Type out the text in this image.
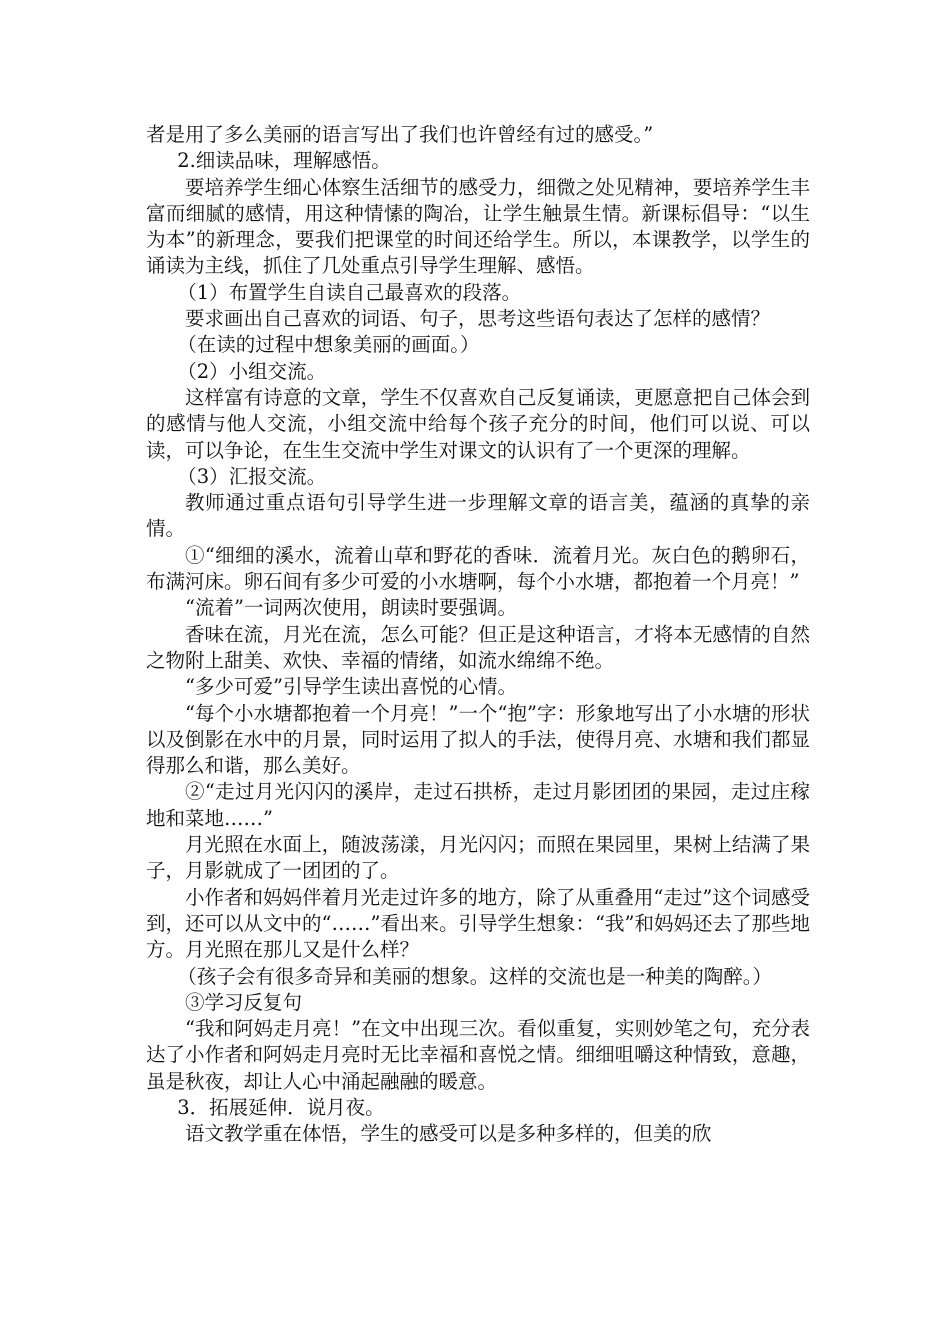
者是用了多么美丽的语言写出了我们也许曾经有过的感受。”

2.细读品味，理解感悟。

要培养学生细心体察生活细节的感受力，细微之处见精神，要培养学生丰富而细腻的感情，用这种情愫的陶冶，让学生触景生情。新课标倡导：“以生为本”的新理念，要我们把课堂的时间还给学生。所以，本课教学，以学生的诵读为主线，抓住了几处重点引导学生理解、感悟。

（1）布置学生自读自己最喜欢的段落。

要求画出自己喜欢的词语、句子，思考这些语句表达了怎样的感情？

（在读的过程中想象美丽的画面。）

（2）小组交流。

这样富有诗意的文章，学生不仅喜欢自己反复诵读，更愿意把自己体会到的感情与他人交流，小组交流中给每个孩子充分的时间，他们可以说、可以读，可以争论，在生生交流中学生对课文的认识有了一个更深的理解。

（3）汇报交流。

教师通过重点语句引导学生进一步理解文章的语言美，蕴涵的真挚的亲情。

①“细细的溪水，流着山草和野花的香味．流着月光。灰白色的鹅卵石，布满河床。卵石间有多少可爱的小水塘啊，每个小水塘，都抱着一个月亮！”

“流着”一词两次使用，朗读时要强调。

香味在流，月光在流，怎么可能？但正是这种语言，才将本无感情的自然之物附上甜美、欢快、幸福的情绪，如流水绵绵不绝。

“多少可爱”引导学生读出喜悦的心情。

“每个小水塘都抱着一个月亮！”一个“抱”字：形象地写出了小水塘的形状以及倒影在水中的月景，同时运用了拟人的手法，使得月亮、水塘和我们都显得那么和谐，那么美好。

②“走过月光闪闪的溪岸，走过石拱桥，走过月影团团的果园，走过庄稼地和菜地……”

月光照在水面上，随波荡漾，月光闪闪；而照在果园里，果树上结满了果子，月影就成了一团团的了。

小作者和妈妈伴着月光走过许多的地方，除了从重叠用“走过”这个词感受到，还可以从文中的“……”看出来。引导学生想象：“我”和妈妈还去了那些地方。月光照在那儿又是什么样？

（孩子会有很多奇异和美丽的想象。这样的交流也是一种美的陶醉。）

③学习反复句

“我和阿妈走月亮！”在文中出现三次。看似重复，实则妙笔之句，充分表达了小作者和阿妈走月亮时无比幸福和喜悦之情。细细咀嚼这种情致，意趣，虽是秋夜，却让人心中涌起融融的暖意。

3．拓展延伸．说月夜。

语文教学重在体悟，学生的感受可以是多种多样的，但美的欣
